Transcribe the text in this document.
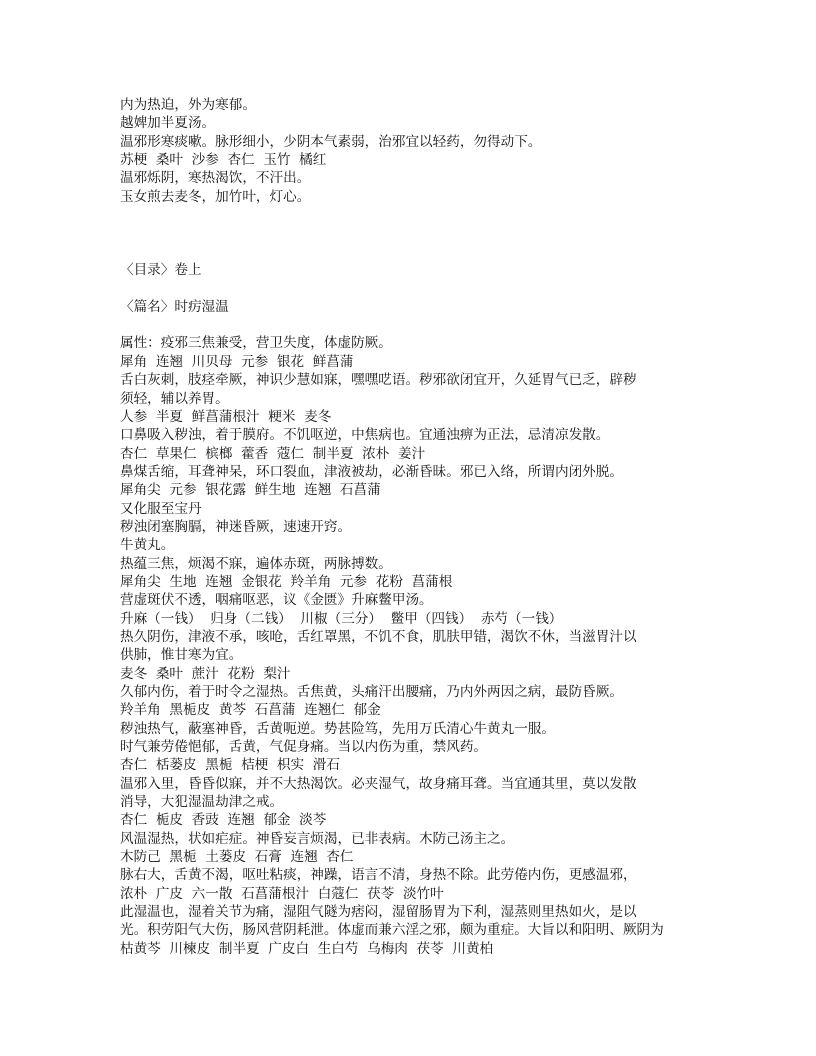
内为热迫，外为寒郁。
越婢加半夏汤。
温邪形寒痰嗽。脉形细小，少阴本气素弱，治邪宜以轻药，勿得动下。
苏梗  桑叶  沙参  杏仁  玉竹  橘红
温邪烁阴，寒热渴饮，不汗出。
玉女煎去麦冬，加竹叶，灯心。
〈目录〉卷上
〈篇名〉时疠湿温
属性：疫邪三焦兼受，营卫失度，体虚防厥。
犀角  连翘  川贝母  元参  银花  鲜菖蒲
舌白灰刺，肢痉牵厥，神识少慧如寐，嘿嘿呓语。秽邪欲闭宜开，久延胃气已乏，辟秽
须轻，辅以养胃。
人参  半夏  鲜菖蒲根汁  粳米  麦冬
口鼻吸入秽浊，着于膜府。不饥呕逆，中焦病也。宜通浊痹为正法，忌清凉发散。
杏仁  草果仁  槟榔  藿香  蔻仁  制半夏  浓朴  姜汁
鼻煤舌缩，耳聋神呆，环口裂血，津液被劫，必渐昏昧。邪已入络，所谓内闭外脱。
犀角尖  元参  银花露  鲜生地  连翘  石菖蒲
又化服至宝丹
秽浊闭塞胸膈，神迷昏厥，速速开窍。
牛黄丸。
热蕴三焦，烦渴不寐，遍体赤斑，两脉搏数。
犀角尖  生地  连翘  金银花  羚羊角  元参  花粉  菖蒲根
营虚斑伏不透，咽痛呕恶，议《金匮》升麻鳖甲汤。
升麻（一钱）  归身（二钱）  川椒（三分）  鳖甲（四钱）  赤芍（一钱）
热久阴伤，津液不承，咳呛，舌红罩黑，不饥不食，肌肤甲错，渴饮不休，当滋胃汁以
供肺，惟甘寒为宜。
麦冬  桑叶  蔗汁  花粉  梨汁
久郁内伤，着于时令之湿热。舌焦黄，头痛汗出腰痛，乃内外两因之病，最防昏厥。
羚羊角  黑栀皮  黄芩  石菖蒲  连翘仁  郁金
秽浊热气，蔽塞神昏，舌黄呃逆。势甚险笃，先用万氏清心牛黄丸一服。
时气兼劳倦悒郁，舌黄，气促身痛。当以内伤为重，禁风药。
杏仁  栝蒌皮  黑栀  桔梗  枳实  滑石
温邪入里，昏昏似寐，并不大热渴饮。必夹湿气，故身痛耳聋。当宜通其里，莫以发散
消导，大犯湿温劫津之戒。
杏仁  栀皮  香豉  连翘  郁金  淡芩
风温湿热，状如疟症。神昏妄言烦渴，已非表病。木防己汤主之。
木防己  黑栀  土蒌皮  石膏  连翘  杏仁
脉右大，舌黄不渴，呕吐粘痰，神躁，语言不清，身热不除。此劳倦内伤，更感温邪，
浓朴  广皮  六一散  石菖蒲根汁  白蔻仁  茯苓  淡竹叶
此湿温也，湿着关节为痛，湿阻气隧为痞闷，湿留肠胃为下利，湿蒸则里热如火，是以
光。积劳阳气大伤，肠风营阴耗泄。体虚而兼六淫之邪，颇为重症。大旨以和阳明、厥阴为
枯黄芩  川楝皮  制半夏  广皮白  生白芍  乌梅肉  茯苓  川黄柏
